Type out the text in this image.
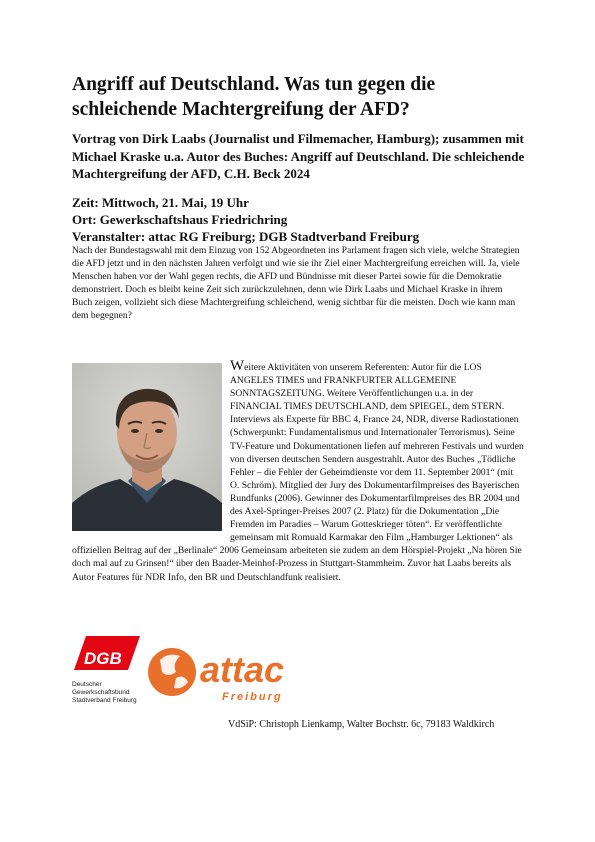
Angriff auf Deutschland. Was tun gegen die schleichende Machtergreifung der AFD?

Vortrag von Dirk Laabs (Journalist und Filmemacher, Hamburg); zusammen mit Michael Kraske u.a. Autor des Buches: Angriff auf Deutschland. Die schleichende Machtergreifung der AFD, C.H. Beck 2024

Zeit: Mittwoch, 21. Mai, 19 Uhr
Ort: Gewerkschaftshaus Friedrichring
Veranstalter: attac RG Freiburg; DGB Stadtverband Freiburg

Nach der Bundestagswahl mit dem Einzug von 152 Abgeordneten ins Parlament fragen sich viele, welche Strategien die AFD jetzt und in den nächsten Jahren verfolgt und wie sie ihr Ziel einer Machtergreifung erreichen will. Ja, viele Menschen haben vor der Wahl gegen rechts, die AFD und Bündnisse mit dieser Partei sowie für die Demokratie demonstriert. Doch es bleibt keine Zeit sich zurückzulehnen, denn wie Dirk Laabs und Michael Kraske in ihrem Buch zeigen, vollzieht sich diese Machtergreifung schleichend, wenig sichtbar für die meisten. Doch wie kann man dem begegnen?

Weitere Aktivitäten von unserem Referenten: Autor für die LOS ANGELES TIMES und FRANKFURTER ALLGEMEINE SONNTAGSZEITUNG. Weitere Veröffentlichungen u.a. in der FINANCIAL TIMES DEUTSCHLAND, dem SPIEGEL, dem STERN. Interviews als Experte für BBC 4, France 24, NDR, diverse Radiostationen (Schwerpunkt: Fundamentalismus und Internationaler Terrorismus). Seine TV-Feature und Dokumentationen liefen auf mehreren Festivals und wurden von diversen deutschen Sendern ausgestrahlt. Autor des Buches „Tödliche Fehler – die Fehler der Geheimdienste vor dem 11. September 2001“ (mit O. Schröm). Mitglied der Jury des Dokumentarfilmpreises des Bayerischen Rundfunks (2006). Gewinner des Dokumentarfilmpreises des BR 2004 und des Axel-Springer-Preises 2007 (2. Platz) für die Dokumentation „Die Fremden im Paradies – Warum Gotteskrieger töten“. Er veröffentlichte gemeinsam mit Romuald Karmakar den Film „Hamburger Lektionen“ als offiziellen Beitrag auf der „Berlinale“ 2006 Gemeinsam arbeiteten sie zudem an dem Hörspiel-Projekt „Na hören Sie doch mal auf zu Grinsen!“ über den Baader-Meinhof-Prozess in Stuttgart-Stammheim. Zuvor hat Laabs bereits als Autor Features für NDR Info, den BR und Deutschlandfunk realisiert.
DGB
Deutscher
Gewerkschaftsbund
Stadtverband Freiburg
attac
Freiburg
VdSiP: Christoph Lienkamp, Walter Bochstr. 6c, 79183 Waldkirch
